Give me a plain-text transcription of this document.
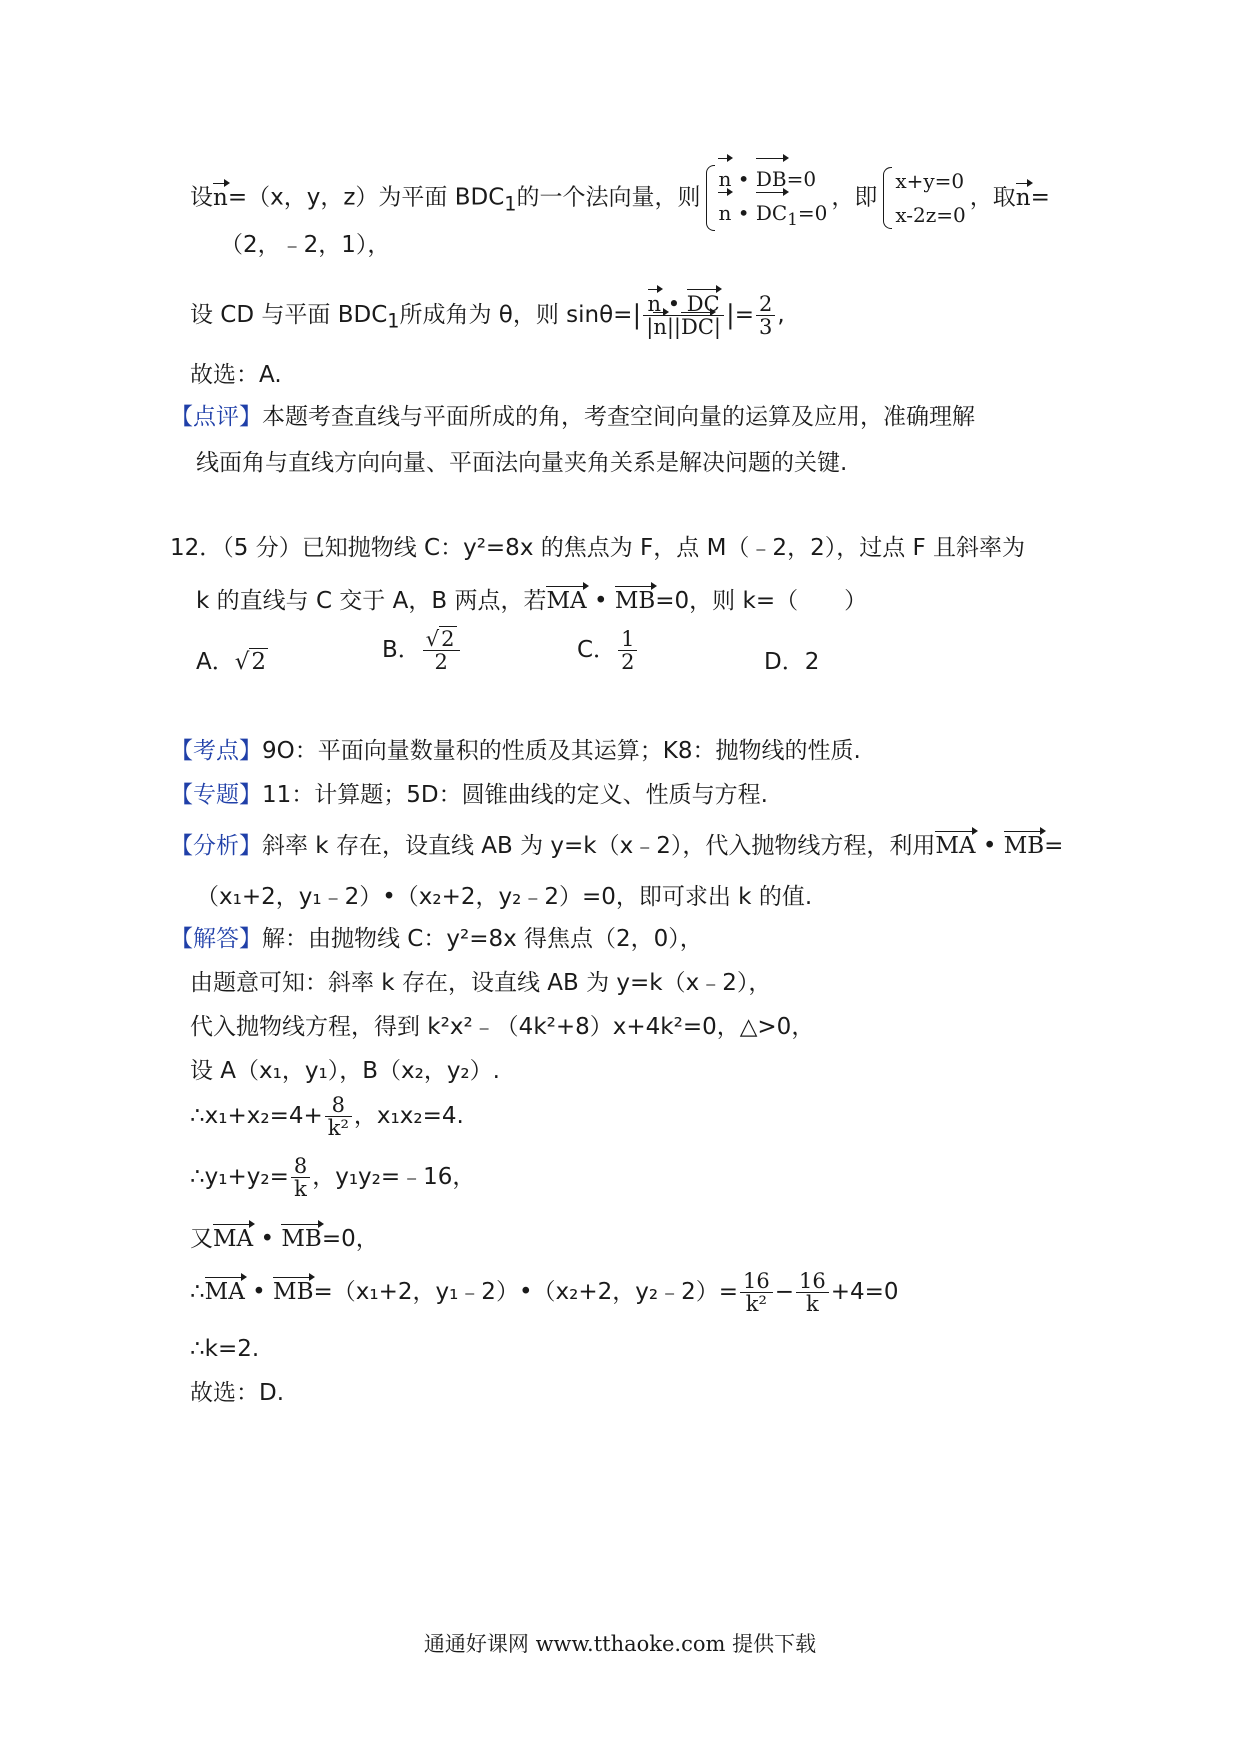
设n=（x，y，z）为平面 $BDC_1$的一个法向量，则
n • DB=0
n • $DC_1=0$
，即
x+y=0
x-2z=0
，取n=
（2，﹣2，1），
设 CD 与平面 $BDC_1$所成角为 θ，则 $\sin\theta=| \frac{n • DC}{|n||DC|}$ |= $\frac{2}{3}$ ,
故选：A.
【点评】本题考查直线与平面所成的角，考查空间向量的运算及应用，准确理解
线面角与直线方向向量、平面法向量夹角关系是解决问题的关键.
12．（5 分）已知抛物线 C：y²=8x 的焦点为 F，点 M（﹣2，2），过点 F 且斜率为
k 的直线与 C 交于 A，B 两点，若MA • MB=0，则 k=（　　）
A．√2	B． $\frac{√2}{2}$	C． $\frac{1}{2}$	D．2
【考点】9O：平面向量数量积的性质及其运算；K8：抛物线的性质.
【专题】11：计算题；5D：圆锥曲线的定义、性质与方程.
【分析】斜率 k 存在，设直线 AB 为 y=k（x﹣2），代入抛物线方程，利用MA • MB=
（x₁+2，y₁﹣2）•（x₂+2，y₂﹣2）=0，即可求出 k 的值.
【解答】解：由抛物线 C：y²=8x 得焦点（2，0），
由题意可知：斜率 k 存在，设直线 AB 为 y=k（x﹣2），
代入抛物线方程，得到 k²x²﹣（4k²+8）x+4k²=0，△>0，
设 A（x₁，y₁），B（x₂，y₂）.
∴x₁+x₂=4+ $\frac{8}{\text{k²}}$ ，x₁x₂=4.
∴y₁+y₂= $\frac{8}{k}$ ，y₁y₂=﹣16，
又MA • MB=0，
∴MA • MB=（x₁+2，y₁﹣2）•（x₂+2，y₂﹣2）= $\frac{16}{\text{k²}} - \frac{16}{k} +4=0$
∴k=2.
故选：D.
通通好课网 www.tthaoke.com 提供下载
